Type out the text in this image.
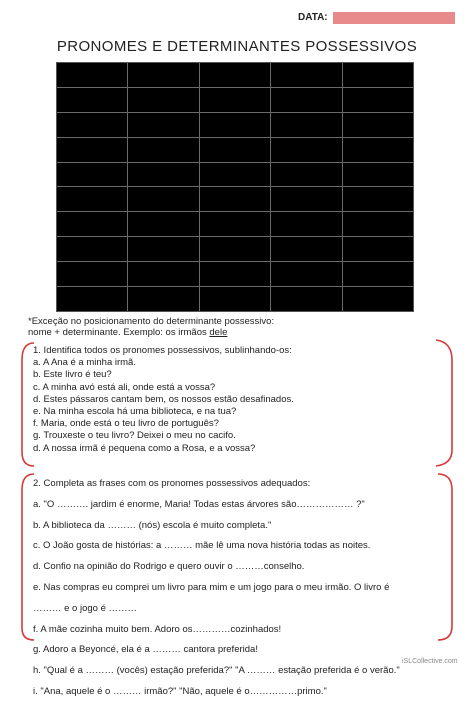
DATA:
PRONOMES E DETERMINANTES POSSESSIVOS
*Exceção no posicionamento do determinante possessivo:
nome + determinante. Exemplo: os irmãos dele
1. Identifica todos os pronomes possessivos, sublinhando-os:
a. A Ana é a minha irmã.
b. Este livro é teu?
c. A minha avó está ali, onde está a vossa?
d. Estes pássaros cantam bem, os nossos estão desafinados.
e. Na minha escola há uma biblioteca, e na tua?
f. Maria, onde está o teu livro de português?
g. Trouxeste o teu livro? Deixei o meu no cacifo.
d. A nossa irmã é pequena como a Rosa, e a vossa?
2. Completa as frases com os pronomes possessivos adequados:
a. "O ………. jardim é enorme, Maria! Todas estas árvores são……………… ?"
b. A biblioteca da ……… (nós) escola é muito completa."
c. O João gosta de histórias: a ……… mãe lê uma nova história todas as noites.
d. Confio na opinião do Rodrigo e quero ouvir o ………conselho.
e. Nas compras eu comprei um livro para mim e um jogo para o meu irmão. O livro é
……… e o jogo é ………
f. A mãe cozinha muito bem. Adoro os…………cozinhados!
g. Adoro a Beyoncé, ela é a ……… cantora preferida!
h. "Qual é a ……… (vocês) estação preferida?" "A ……… estação preferida é o verão."
i. "Ana, aquele é o ……… irmão?" "Não, aquele é o……………primo."
iSLCollective.com
